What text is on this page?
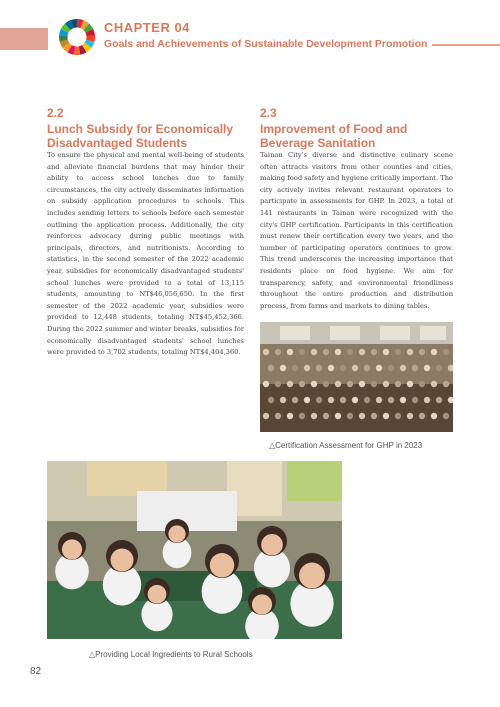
CHAPTER 04
Goals and Achievements of Sustainable Development Promotion
2.2
Lunch Subsidy for Economically
Disadvantaged Students
To ensure the physical and mental well-being of students and alleviate financial burdens that may hinder their ability to access school lunches due to family circumstances, the city actively disseminates information on subsidy application procedures to schools. This includes sending letters to schools before each semester outlining the application process. Additionally, the city reinforces advocacy during public meetings with principals, directors, and nutritionists. According to statistics, in the second semester of the 2022 academic year, subsidies for economically disadvantaged students' school lunches were provided to a total of 13,115 students, amounting to NT$46,056,650. In the first semester of the 2022 academic year, subsidies were provided to 12,448 students, totaling NT$45,452,366. During the 2022 summer and winter breaks, subsidies for economically disadvantaged students' school lunches were provided to 3,702 students, totaling NT$4,404,360.
2.3
Improvement of Food and
Beverage Sanitation
Tainan City's diverse and distinctive culinary scene often attracts visitors from other counties and cities, making food safety and hygiene critically important. The city actively invites relevant restaurant operators to participate in assessments for GHP. In 2023, a total of 141 restaurants in Tainan were recognized with the city's GHP certification. Participants in this certification must renew their certification every two years, and the number of participating operators continues to grow. This trend underscores the increasing importance that residents place on food hygiene. We aim for transparency, safety, and environmental friendliness throughout the entire production and distribution process, from farms and markets to dining tables.
△Certification Assessment for GHP in 2023
△Providing Local Ingredients to Rural Schools
82
